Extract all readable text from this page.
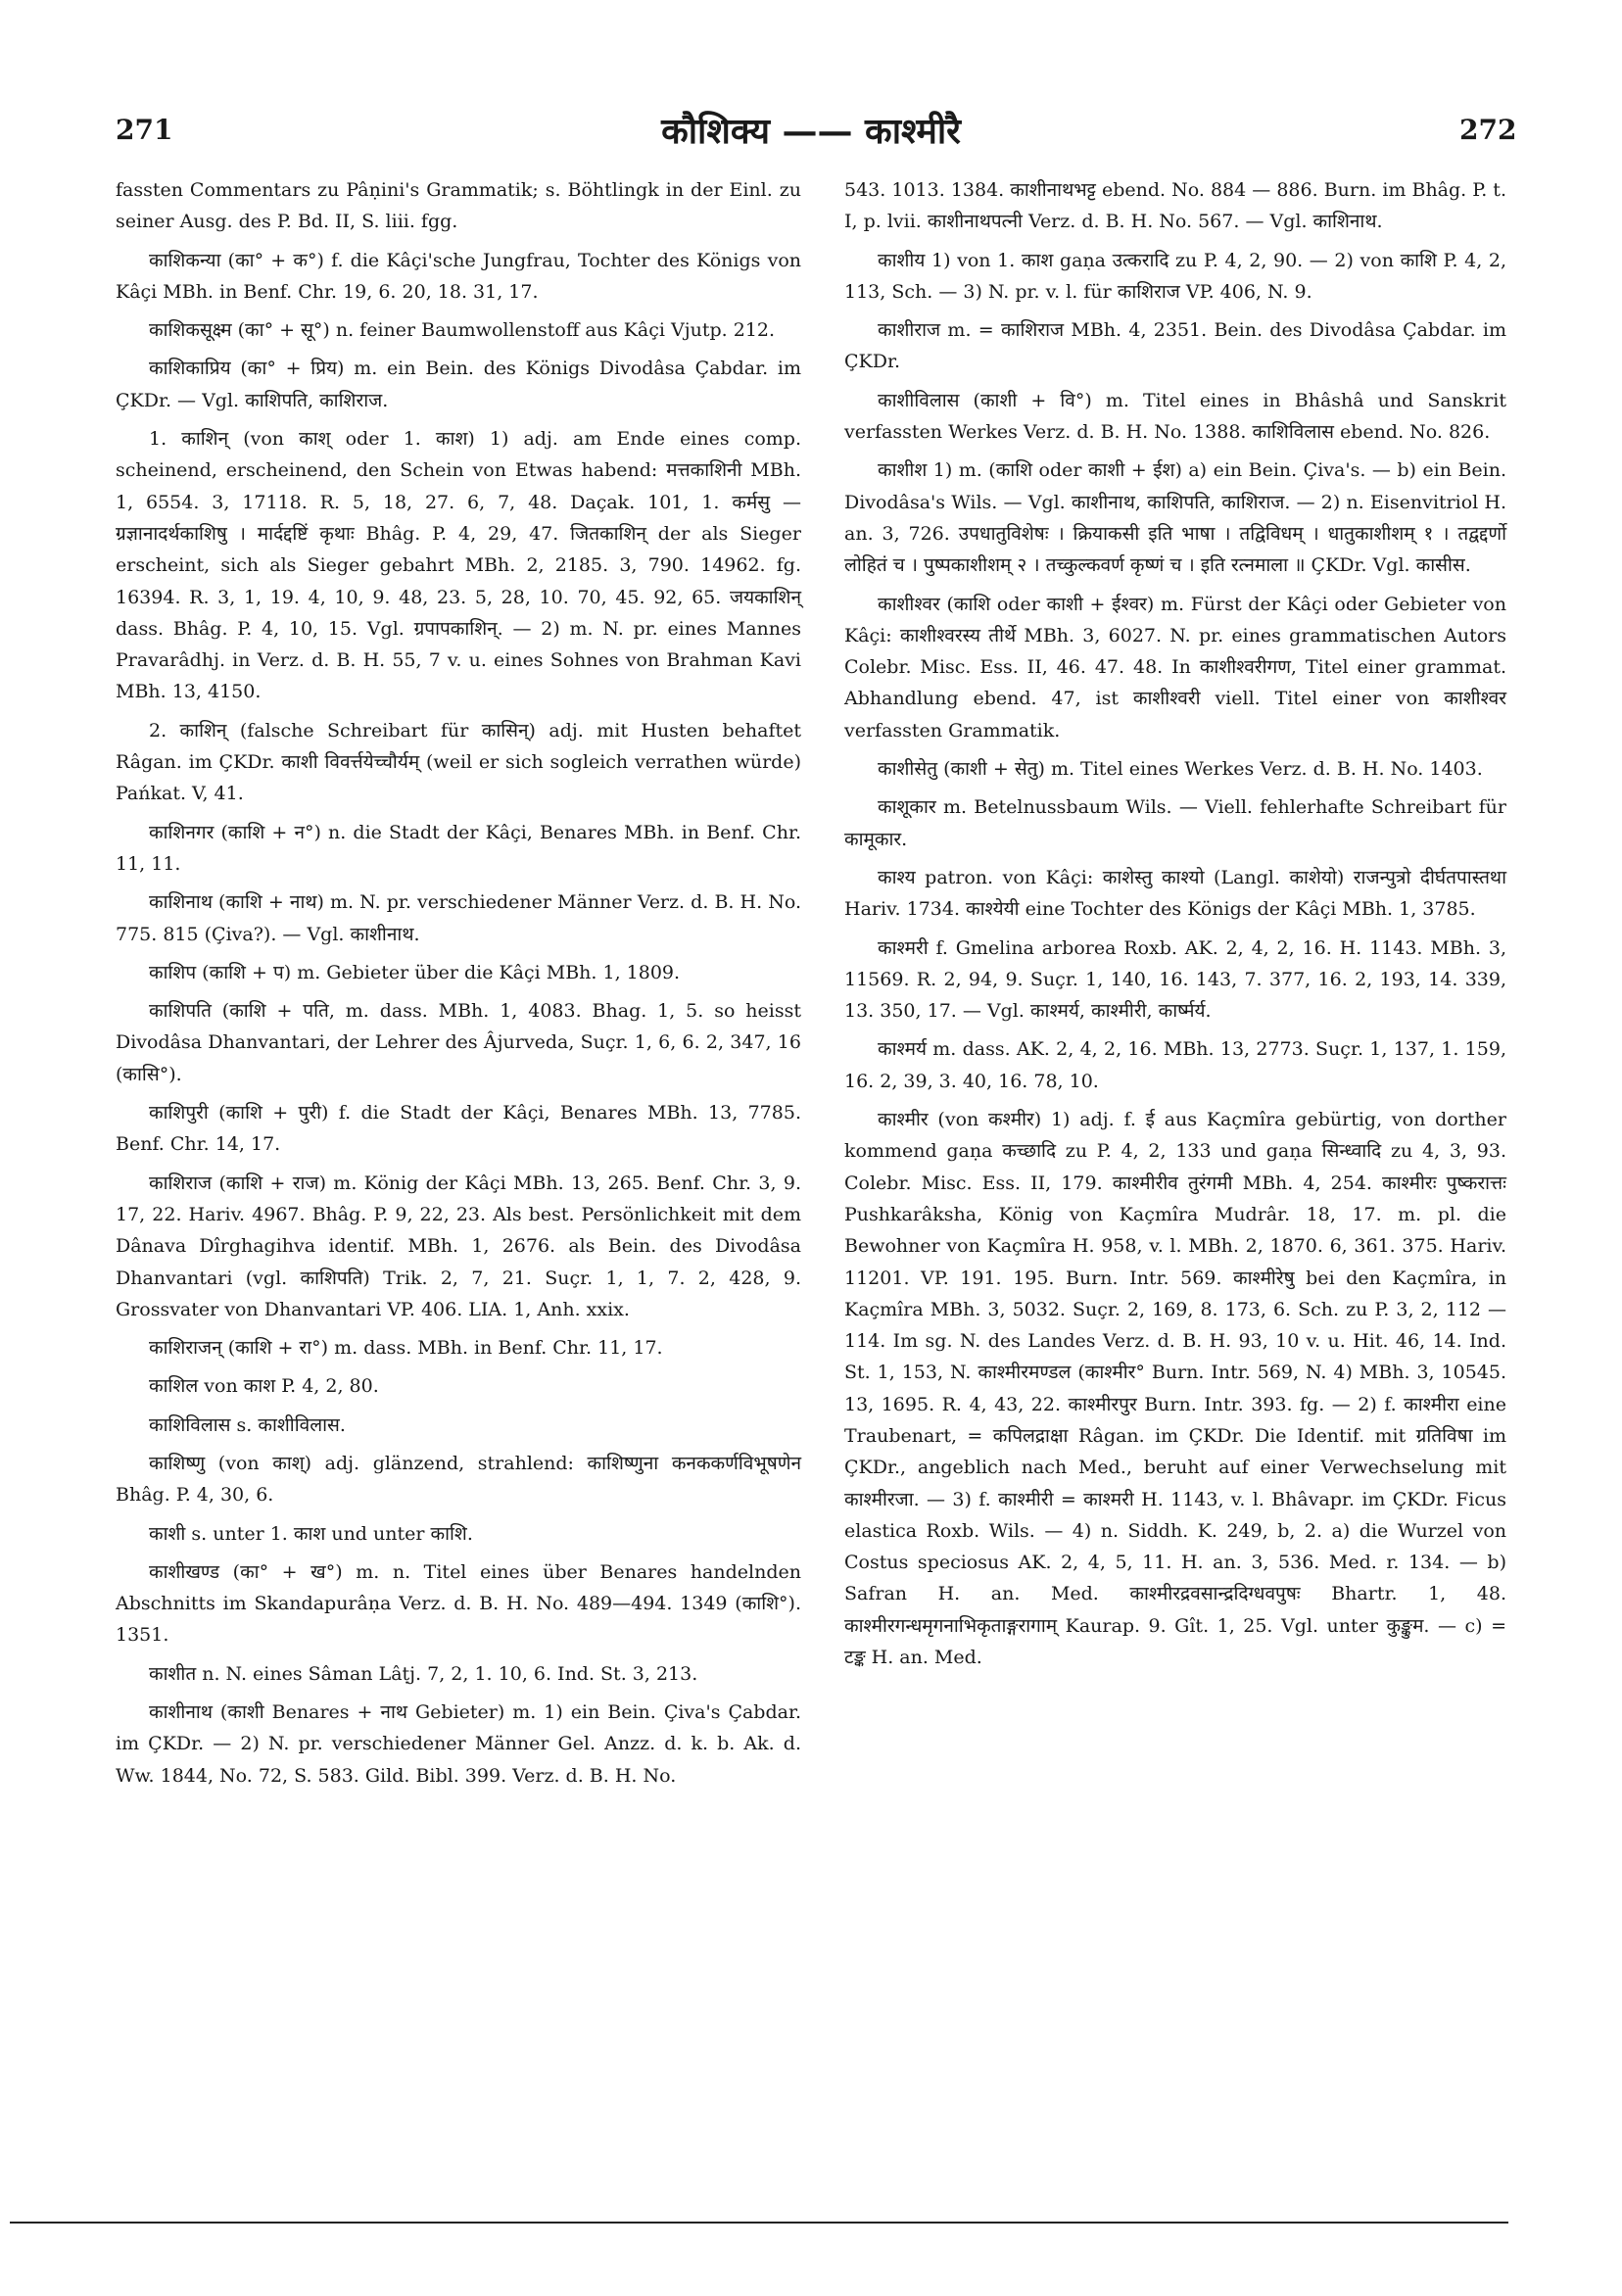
271	कौशिक्य —— काश्मीरै	272

fassten Commentars zu Pâṇini's Grammatik; s. Böhtlingk in der Einl. zu seiner Ausg. des P. Bd. II, S. liii. fgg.

काशिकन्या (का° + क°) f. die Kâçi'sche Jungfrau, Tochter des Königs von Kâçi MBh. in Benf. Chr. 19, 6. 20, 18. 31, 17.

काशिकसूक्ष्म (का° + सू°) n. feiner Baumwollenstoff aus Kâçi Vjutp. 212.

काशिकाप्रिय (का° + प्रिय) m. ein Bein. des Königs Divodâsa Çabdar. im ÇKDr. — Vgl. काशिपति, काशिराज.

1. काशिन् (von काश् oder 1. काश) 1) adj. am Ende eines comp. scheinend, erscheinend, den Schein von Etwas habend: मत्तकाशिनी MBh. 1, 6554. 3, 17118. R. 5, 18, 27. 6, 7, 48. Daçak. 101, 1. कर्मसु — ग्रज्ञानादर्थकाशिषु । मार्दद्दष्टिं कृथाः Bhâg. P. 4, 29, 47. जितकाशिन् der als Sieger erscheint, sich als Sieger gebahrt MBh. 2, 2185. 3, 790. 14962. fg. 16394. R. 3, 1, 19. 4, 10, 9. 48, 23. 5, 28, 10. 70, 45. 92, 65. जयकाशिन् dass. Bhâg. P. 4, 10, 15. Vgl. ग्रपापकाशिन्. — 2) m. N. pr. eines Mannes Pravarâdhj. in Verz. d. B. H. 55, 7 v. u. eines Sohnes von Brahman Kavi MBh. 13, 4150.

2. काशिन् (falsche Schreibart für कासिन्) adj. mit Husten behaftet Râgan. im ÇKDr. काशी विवर्त्तयेच्चौर्यम् (weil er sich sogleich verrathen würde) Pańkat. V, 41.

काशिनगर (काशि + न°) n. die Stadt der Kâçi, Benares MBh. in Benf. Chr. 11, 11.

काशिनाथ (काशि + नाथ) m. N. pr. verschiedener Männer Verz. d. B. H. No. 775. 815 (Çiva?). — Vgl. काशीनाथ.

काशिप (काशि + प) m. Gebieter über die Kâçi MBh. 1, 1809.

काशिपति (काशि + पति, m. dass. MBh. 1, 4083. Bhag. 1, 5. so heisst Divodâsa Dhanvantari, der Lehrer des Âjurveda, Suçr. 1, 6, 6. 2, 347, 16 (कासि°).

काशिपुरी (काशि + पुरी) f. die Stadt der Kâçi, Benares MBh. 13, 7785. Benf. Chr. 14, 17.

काशिराज (काशि + राज) m. König der Kâçi MBh. 13, 265. Benf. Chr. 3, 9. 17, 22. Hariv. 4967. Bhâg. P. 9, 22, 23. Als best. Persönlichkeit mit dem Dânava Dîrghagihva identif. MBh. 1, 2676. als Bein. des Divodâsa Dhanvantari (vgl. काशिपति) Trik. 2, 7, 21. Suçr. 1, 1, 7. 2, 428, 9. Grossvater von Dhanvantari VP. 406. LIA. 1, Anh. xxix.

काशिराजन् (काशि + रा°) m. dass. MBh. in Benf. Chr. 11, 17.

काशिल von काश P. 4, 2, 80.

काशिविलास s. काशीविलास.

काशिष्णु (von काश्) adj. glänzend, strahlend: काशिष्णुना कनककर्णविभूषणेन Bhâg. P. 4, 30, 6.

काशी s. unter 1. काश und unter काशि.

काशीखण्ड (का° + ख°) m. n. Titel eines über Benares handelnden Abschnitts im Skandapurâṇa Verz. d. B. H. No. 489—494. 1349 (काशि°). 1351.

काशीत n. N. eines Sâman Lâṭj. 7, 2, 1. 10, 6. Ind. St. 3, 213.

काशीनाथ (काशी Benares + नाथ Gebieter) m. 1) ein Bein. Çiva's Çabdar. im ÇKDr. — 2) N. pr. verschiedener Männer Gel. Anzz. d. k. b. Ak. d. Ww. 1844, No. 72, S. 583. Gild. Bibl. 399. Verz. d. B. H. No.

543. 1013. 1384. काशीनाथभट्ट ebend. No. 884 — 886. Burn. im Bhâg. P. t. I, p. lvii. काशीनाथपत्नी Verz. d. B. H. No. 567. — Vgl. काशिनाथ.

काशीय 1) von 1. काश gaṇa उत्करादि zu P. 4, 2, 90. — 2) von काशि P. 4, 2, 113, Sch. — 3) N. pr. v. l. für काशिराज VP. 406, N. 9.

काशीराज m. = काशिराज MBh. 4, 2351. Bein. des Divodâsa Çabdar. im ÇKDr.

काशीविलास (काशी + वि°) m. Titel eines in Bhâshâ und Sanskrit verfassten Werkes Verz. d. B. H. No. 1388. काशिविलास ebend. No. 826.

काशीश 1) m. (काशि oder काशी + ईश) a) ein Bein. Çiva's. — b) ein Bein. Divodâsa's Wils. — Vgl. काशीनाथ, काशिपति, काशिराज. — 2) n. Eisenvitriol H. an. 3, 726. उपधातुविशेषः । क्रियाकसी इति भाषा । तद्विविधम् । धातुकाशीशम् १ । तद्वद्दर्णो लोहितं च । पुष्पकाशीशम् २ । तच्कुल्कवर्ण कृष्णं च । इति रत्नमाला ॥ ÇKDr. Vgl. कासीस.

काशीश्वर (काशि oder काशी + ईश्वर) m. Fürst der Kâçi oder Gebieter von Kâçi: काशीश्वरस्य तीर्थे MBh. 3, 6027. N. pr. eines grammatischen Autors Colebr. Misc. Ess. II, 46. 47. 48. In काशीश्वरीगण, Titel einer grammat. Abhandlung ebend. 47, ist काशीश्वरी viell. Titel einer von काशीश्वर verfassten Grammatik.

काशीसेतु (काशी + सेतु) m. Titel eines Werkes Verz. d. B. H. No. 1403.

काशूकार m. Betelnussbaum Wils. — Viell. fehlerhafte Schreibart für कामूकार.

काश्य patron. von Kâçi: काशेस्तु काश्यो (Langl. काशेयो) राजन्पुत्रो दीर्घतपास्तथा Hariv. 1734. काश्येयी eine Tochter des Königs der Kâçi MBh. 1, 3785.

काश्मरी f. Gmelina arborea Roxb. AK. 2, 4, 2, 16. H. 1143. MBh. 3, 11569. R. 2, 94, 9. Suçr. 1, 140, 16. 143, 7. 377, 16. 2, 193, 14. 339, 13. 350, 17. — Vgl. काश्मर्य, काश्मीरी, कार्ष्मर्य.

काश्मर्य m. dass. AK. 2, 4, 2, 16. MBh. 13, 2773. Suçr. 1, 137, 1. 159, 16. 2, 39, 3. 40, 16. 78, 10.

काश्मीर (von कश्मीर) 1) adj. f. ई aus Kaçmîra gebürtig, von dorther kommend gaṇa कच्छादि zu P. 4, 2, 133 und gaṇa सिन्ध्वादि zu 4, 3, 93. Colebr. Misc. Ess. II, 179. काश्मीरीव तुरंगमी MBh. 4, 254. काश्मीरः पुष्करात्तः Pushkarâksha, König von Kaçmîra Mudrâr. 18, 17. m. pl. die Bewohner von Kaçmîra H. 958, v. l. MBh. 2, 1870. 6, 361. 375. Hariv. 11201. VP. 191. 195. Burn. Intr. 569. काश्मीरेषु bei den Kaçmîra, in Kaçmîra MBh. 3, 5032. Suçr. 2, 169, 8. 173, 6. Sch. zu P. 3, 2, 112 — 114. Im sg. N. des Landes Verz. d. B. H. 93, 10 v. u. Hit. 46, 14. Ind. St. 1, 153, N. काश्मीरमण्डल (काश्मीर° Burn. Intr. 569, N. 4) MBh. 3, 10545. 13, 1695. R. 4, 43, 22. काश्मीरपुर Burn. Intr. 393. fg. — 2) f. काश्मीरा eine Traubenart, = कपिलद्राक्षा Râgan. im ÇKDr. Die Identif. mit ग्रतिविषा im ÇKDr., angeblich nach Med., beruht auf einer Verwechselung mit काश्मीरजा. — 3) f. काश्मीरी = काश्मरी H. 1143, v. l. Bhâvapr. im ÇKDr. Ficus elastica Roxb. Wils. — 4) n. Siddh. K. 249, b, 2. a) die Wurzel von Costus speciosus AK. 2, 4, 5, 11. H. an. 3, 536. Med. r. 134. — b) Safran H. an. Med. काश्मीरद्रवसान्द्रदिग्धवपुषः Bhartr. 1, 48. काश्मीरगन्धमृगनाभिकृताङ्गरागाम् Kaurap. 9. Gît. 1, 25. Vgl. unter कुङ्कुम. — c) = टङ्क H. an. Med.
